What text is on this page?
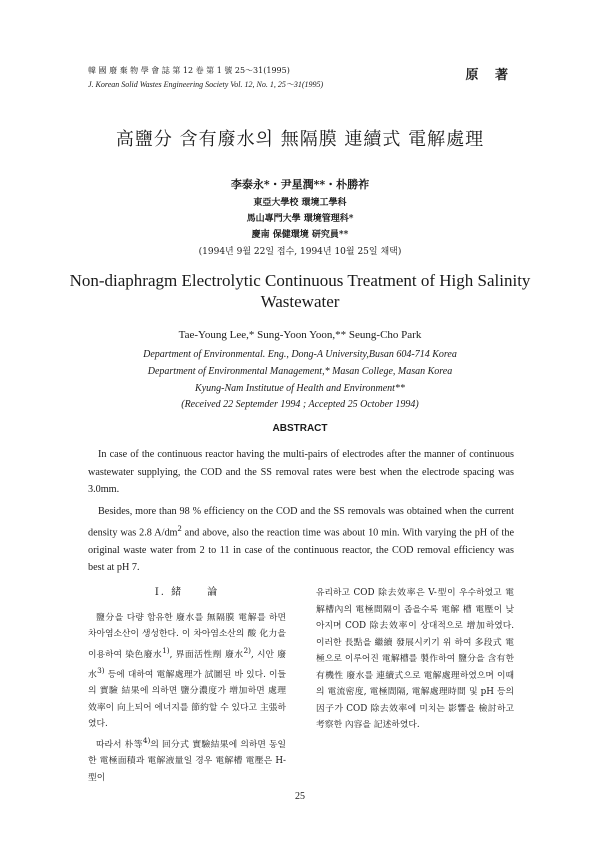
韓 國 廢 棄 物 學 會 誌 第 12 卷 第 1 號 25～31(1995)
J. Korean Solid Wastes Engineering Society Vol. 12, No. 1, 25～31(1995)
原 著
高鹽分 含有廢水의 無隔膜 連續式 電解處理
李泰永*・尹星潤**・朴勝祚
東亞大學校 環境工學科
馬山專門大學 環境管理科*
慶南 保健環境 研究員**
(1994년 9월 22일 접수, 1994년 10월 25일 채택)
Non-diaphragm Electrolytic Continuous Treatment of High Salinity Wastewater
Tae-Young Lee,* Sung-Yoon Yoon,** Seung-Cho Park
Department of Environmental. Eng., Dong-A University,Busan 604-714 Korea
Department of Environmental Management,* Masan College, Masan Korea
Kyung-Nam Institutue of Health and Environment**
(Received 22 Septemder 1994 ; Accepted 25 October 1994)
ABSTRACT

In case of the continuous reactor having the multi-pairs of electrodes after the manner of continuous wastewater supplying, the COD and the SS removal rates were best when the electrode spacing was 3.0mm.

Besides, more than 98 % efficiency on the COD and the SS removals was obtained when the current density was 2.8 $A/dm^2$ and above, also the reaction time was about 10 min. With varying the pH of the original waste water from 2 to 11 in case of the continuous reactor, the COD removal efficiency was best at pH 7.

Ⅰ. 緒　　論

鹽分을 다량 함유한 廢水를 無隔膜 電解를 하면 차아염소산이 생성한다. 이 차아염소산의 酸 化力을 이용하여 染色廢水$^{1)}$, 界面活性劑 廢水$^{2)}$, 시안 廢水$^{3)}$ 등에 대하여 電解處理가 試圖된 바 있다. 이들의 實驗 結果에 의하면 鹽分濃度가 增加하면 處理效率이 向上되어 에너지를 節約할 수 있다고 主張하였다.

따라서 朴等$^{4)}$의 回分式 實驗結果에 의하면 동일한 電極面積과 電解液量일 경우 電解槽 電壓은 H-型이

유리하고 COD 除去效率은 V-型이 우수하였고 電解槽內의 電極間隔이 좁을수록 電解 槽 電壓이 낮아지며 COD 除去效率이 상대적으로 增加하였다. 이러한 長點을 繼續 發展시키기 위 하여 多段式 電極으로 이루어진 電解槽를 製作하여 鹽分을 含有한 有機性 廢水를 連續式으로 電解處理하였으며 이때의 電流密度, 電極間隔, 電解處理時間 및 pH 등의 因子가 COD 除去效率에 미치는 影響을 檢討하고 考察한 內容을 記述하였다.

25
